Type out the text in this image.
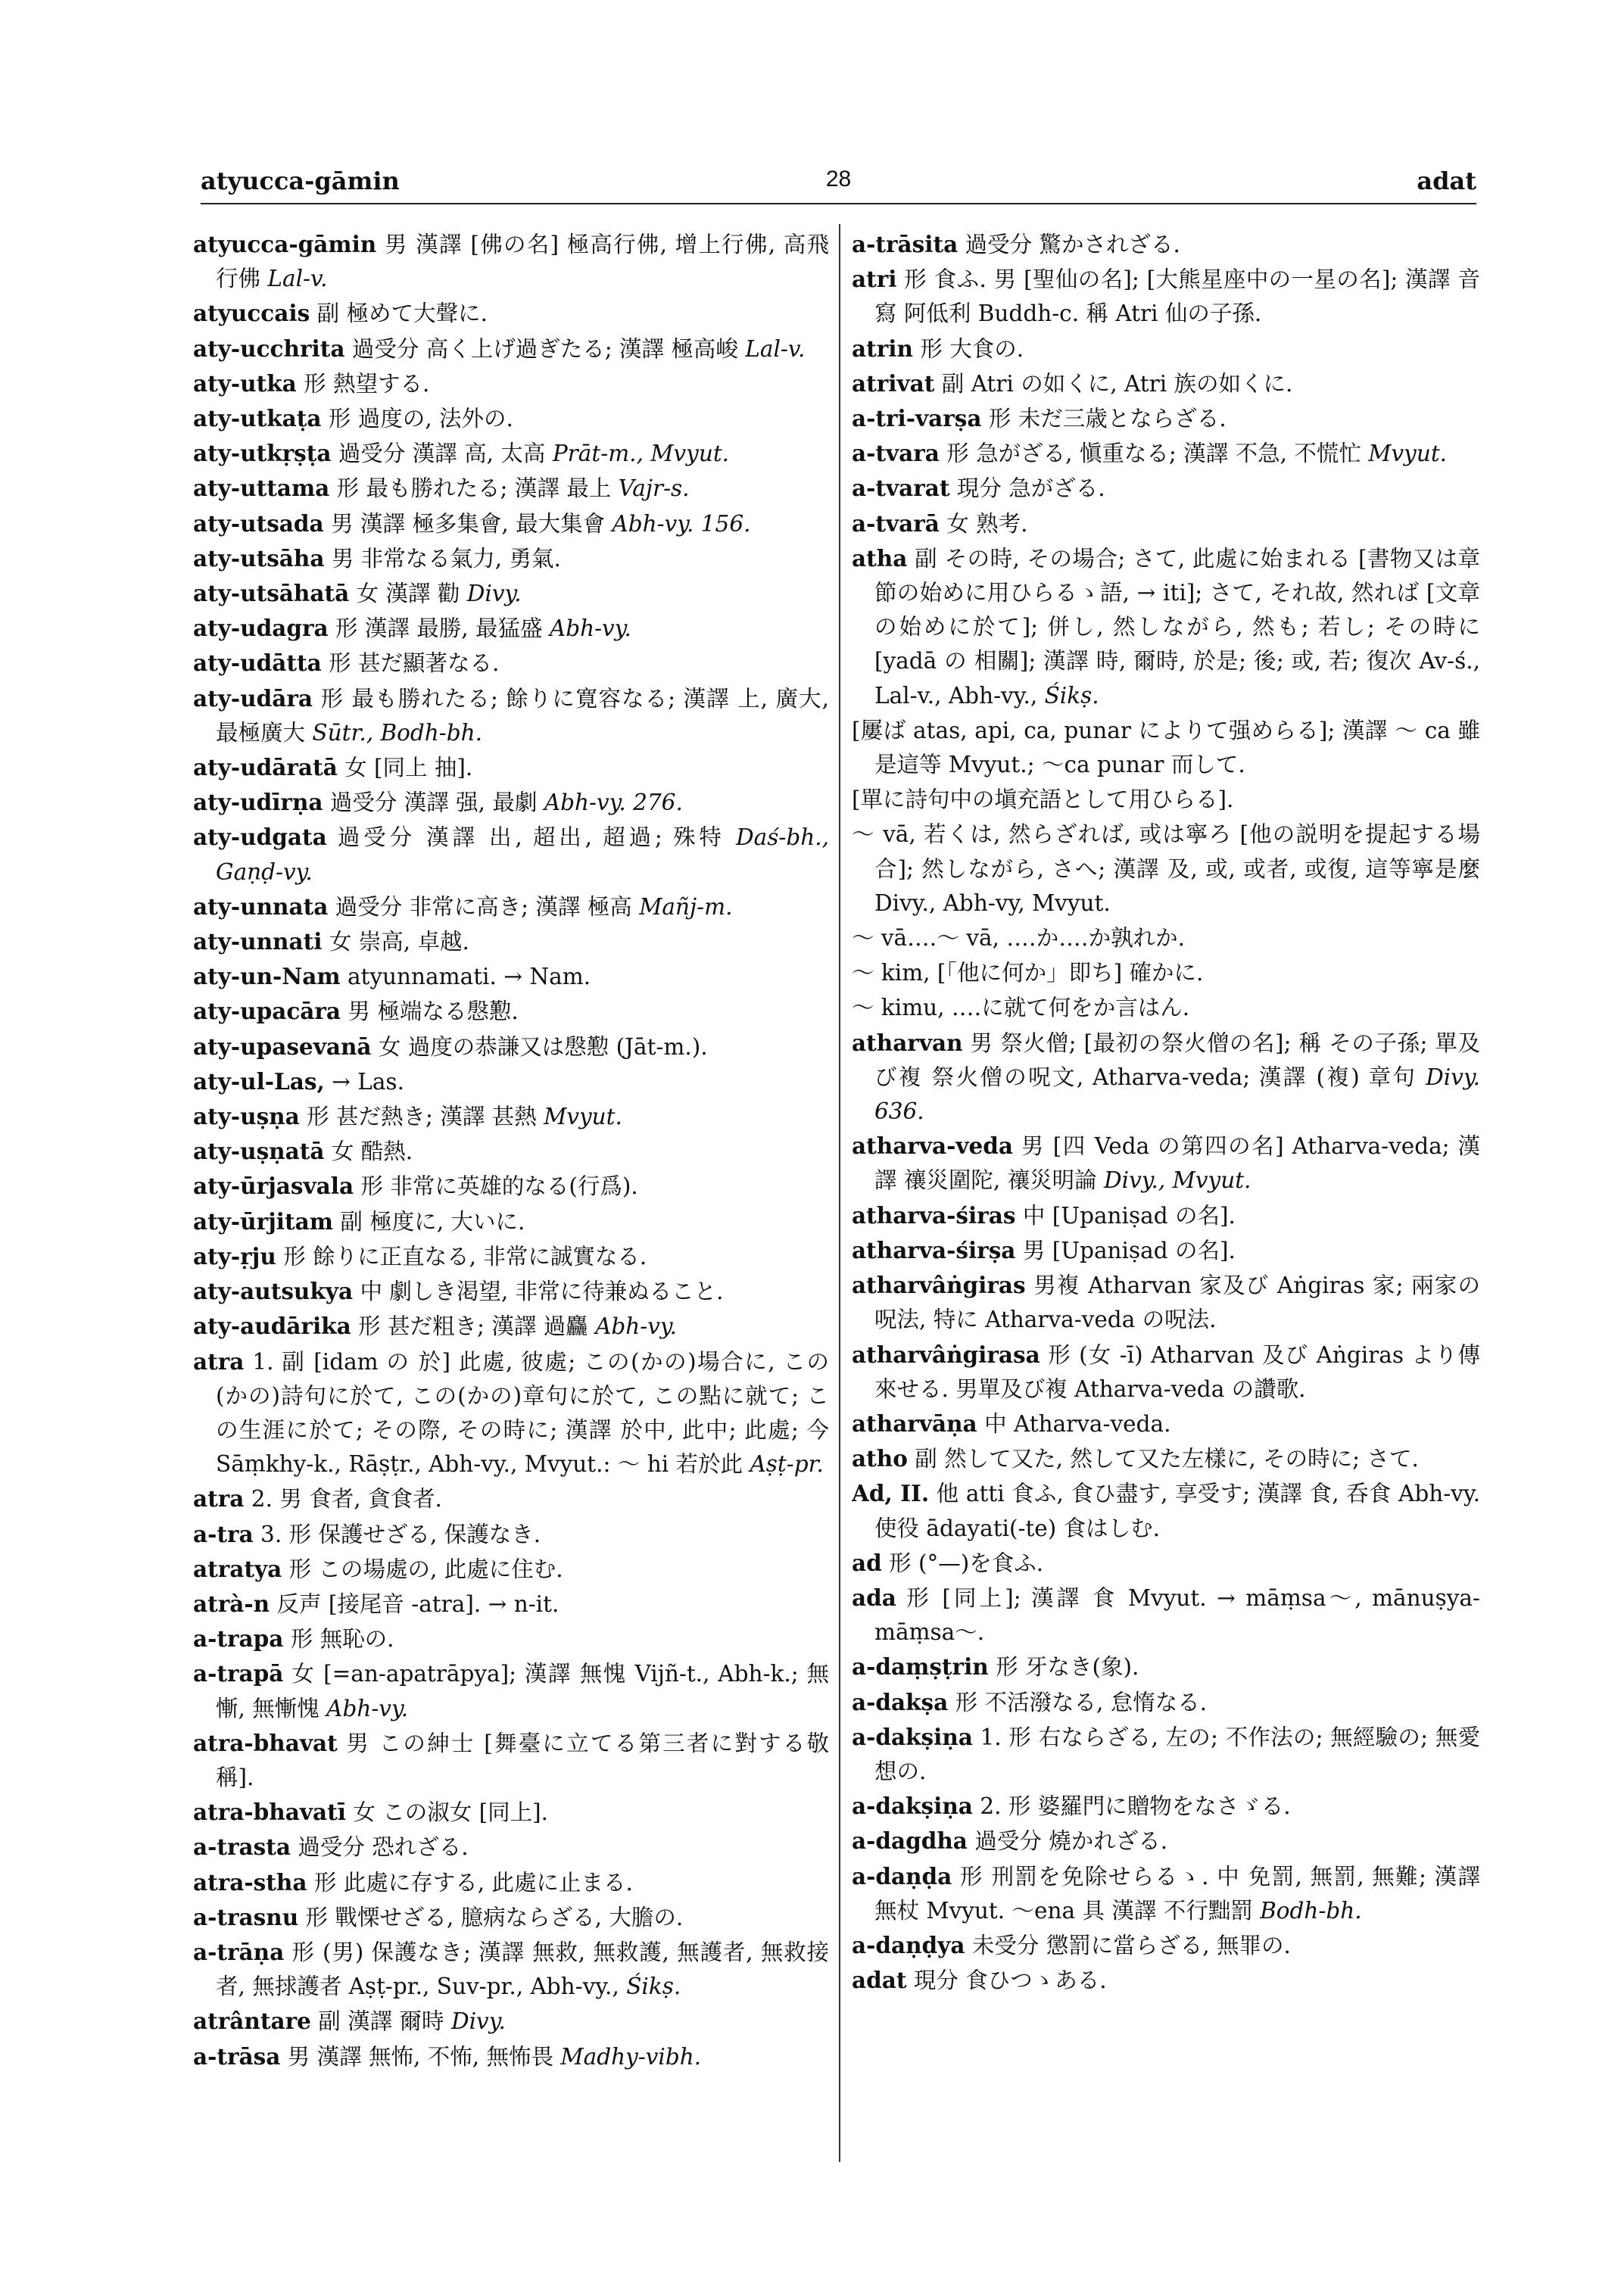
atyucca-gāmin	28	adat

atyucca-gāmin 男 漢譯 [佛の名] 極高行佛, 增上行佛, 高飛行佛 Lal-v.

atyuccais 副 極めて大聲に.

aty-ucchrita 過受分 高く上げ過ぎたる; 漢譯 極高峻 Lal-v.

aty-utka 形 熱望する.

aty-utkaṭa 形 過度の, 法外の.

aty-utkṛṣṭa 過受分 漢譯 高, 太高 Prāt-m., Mvyut.

aty-uttama 形 最も勝れたる; 漢譯 最上 Vajr-s.

aty-utsada 男 漢譯 極多集會, 最大集會 Abh-vy. 156.

aty-utsāha 男 非常なる氣力, 勇氣.

aty-utsāhatā 女 漢譯 勸 Divy.

aty-udagra 形 漢譯 最勝, 最猛盛 Abh-vy.

aty-udātta 形 甚だ顯著なる.

aty-udāra 形 最も勝れたる; 餘りに寛容なる; 漢譯 上, 廣大, 最極廣大 Sūtr., Bodh-bh.

aty-udāratā 女 [同上 抽].

aty-udīrṇa 過受分 漢譯 强, 最劇 Abh-vy. 276.

aty-udgata 過受分 漢譯 出, 超出, 超過; 殊特 Daś-bh., Gaṇḍ-vy.

aty-unnata 過受分 非常に高き; 漢譯 極高 Mañj-m.

aty-unnati 女 崇高, 卓越.

aty-un-Nam atyunnamati. → Nam.

aty-upacāra 男 極端なる慇懃.

aty-upasevanā 女 過度の恭謙又は慇懃 (Jāt-m.).

aty-ul-Las, → Las.

aty-uṣṇa 形 甚だ熱き; 漢譯 甚熱 Mvyut.

aty-uṣṇatā 女 酷熱.

aty-ūrjasvala 形 非常に英雄的なる(行爲).

aty-ūrjitam 副 極度に, 大いに.

aty-ṛju 形 餘りに正直なる, 非常に誠實なる.

aty-autsukya 中 劇しき渇望, 非常に待兼ぬること.

aty-audārika 形 甚だ粗き; 漢譯 過麤 Abh-vy.

atra 1. 副 [idam の 於] 此處, 彼處; この(かの)場合に, この(かの)詩句に於て, この(かの)章句に於て, この點に就て; この生涯に於て; その際, その時に; 漢譯 於中, 此中; 此處; 今 Sāṃkhy-k., Rāṣṭr., Abh-vy., Mvyut.: ～ hi 若於此 Aṣṭ-pr.

atra 2. 男 食者, 貪食者.

a-tra 3. 形 保護せざる, 保護なき.

atratya 形 この場處の, 此處に住む.

atrà-n 反声 [接尾音 -atra]. → n-it.

a-trapa 形 無恥の.

a-trapā 女 [=an-apatrāpya]; 漢譯 無愧 Vijñ-t., Abh-k.; 無慚, 無慚愧 Abh-vy.

atra-bhavat 男 この紳士 [舞臺に立てる第三者に對する敬稱].

atra-bhavatī 女 この淑女 [同上].

a-trasta 過受分 恐れざる.

atra-stha 形 此處に存する, 此處に止まる.

a-trasnu 形 戰慄せざる, 臆病ならざる, 大膽の.

a-trāṇa 形 (男) 保護なき; 漢譯 無救, 無救護, 無護者, 無救接者, 無捄護者 Aṣṭ-pr., Suv-pr., Abh-vy., Śikṣ.

atrântare 副 漢譯 爾時 Divy.

a-trāsa 男 漢譯 無怖, 不怖, 無怖畏 Madhy-vibh.

a-trāsita 過受分 驚かされざる.

atri 形 食ふ. 男 [聖仙の名]; [大熊星座中の一星の名]; 漢譯 音寫 阿低利 Buddh-c. 稱 Atri 仙の子孫.

atrin 形 大食の.

atrivat 副 Atri の如くに, Atri 族の如くに.

a-tri-varṣa 形 未だ三歳とならざる.

a-tvara 形 急がざる, 愼重なる; 漢譯 不急, 不慌忙 Mvyut.

a-tvarat 現分 急がざる.

a-tvarā 女 熟考.

atha 副 その時, その場合; さて, 此處に始まれる [書物又は章節の始めに用ひらるゝ語, → iti]; さて, それ故, 然れば [文章の始めに於て]; 併し, 然しながら, 然も; 若し; その時に [yadā の 相關]; 漢譯 時, 爾時, 於是; 後; 或, 若; 復次 Av-ś., Lal-v., Abh-vy., Śikṣ.

[屢ば atas, api, ca, punar によりて强めらる]; 漢譯 ～ ca 雖是這等 Mvyut.; ～ca punar 而して.

[單に詩句中の塡充語として用ひらる].

～ vā, 若くは, 然らざれば, 或は寧ろ [他の説明を提起する場合]; 然しながら, さへ; 漢譯 及, 或, 或者, 或復, 這等寧是麼 Divy., Abh-vy, Mvyut.

～ vā‥‥～ vā, ‥‥か‥‥か孰れか.

～ kim, [「他に何か」即ち] 確かに.

～ kimu, ‥‥に就て何をか言はん.

atharvan 男 祭火僧; [最初の祭火僧の名]; 稱 その子孫; 單及び複 祭火僧の呪文, Atharva-veda; 漢譯 (複) 章句 Divy. 636.

atharva-veda 男 [四 Veda の第四の名] Atharva-veda; 漢譯 禳災圍陀, 禳災明論 Divy., Mvyut.

atharva-śiras 中 [Upaniṣad の名].

atharva-śirṣa 男 [Upaniṣad の名].

atharvâṅgiras 男複 Atharvan 家及び Aṅgiras 家; 兩家の呪法, 特に Atharva-veda の呪法.

atharvâṅgirasa 形 (女 -ī) Atharvan 及び Aṅgiras より傳來せる. 男單及び複 Atharva-veda の讚歌.

atharvāṇa 中 Atharva-veda.

atho 副 然して又た, 然して又た左樣に, その時に; さて.

Ad, II. 他 atti 食ふ, 食ひ盡す, 享受す; 漢譯 食, 呑食 Abh-vy. 使役 ādayati(-te) 食はしむ.

ad 形 (°—)を食ふ.

ada 形 [同上]; 漢譯 食 Mvyut. → māṃsa～, mānuṣya-māṃsa～.

a-daṃṣṭrin 形 牙なき(象).

a-dakṣa 形 不活潑なる, 怠惰なる.

a-dakṣiṇa 1. 形 右ならざる, 左の; 不作法の; 無經驗の; 無愛想の.

a-dakṣiṇa 2. 形 婆羅門に贈物をなさゞる.

a-dagdha 過受分 燒かれざる.

a-daṇḍa 形 刑罰を免除せらるゝ. 中 免罰, 無罰, 無難; 漢譯 無杖 Mvyut. ～ena 具 漢譯 不行黜罰 Bodh-bh.

a-daṇḍya 未受分 懲罰に當らざる, 無罪の.

adat 現分 食ひつゝある.
